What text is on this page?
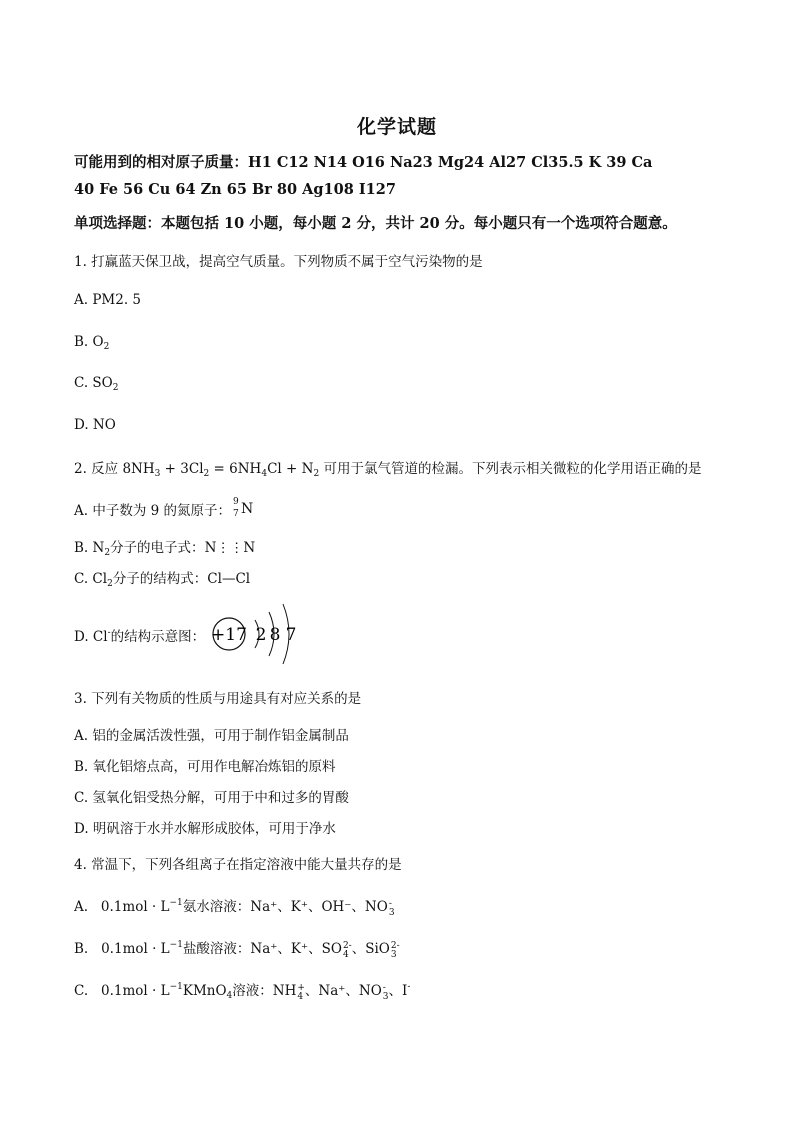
化学试题
可能用到的相对原子质量：H1 C12 N14 O16 Na23 Mg24 Al27 Cl35.5 K 39 Ca
40 Fe 56 Cu 64 Zn 65 Br 80 Ag108 I127
单项选择题：本题包括 10 小题，每小题 2 分，共计 20 分。每小题只有一个选项符合题意。
1. 打赢蓝天保卫战，提高空气质量。下列物质不属于空气污染物的是
A. PM2. 5
B. $O_2$
C. $SO_2$
D. NO
2. 反应 $8NH_3 + 3Cl_2 = 6NH_4Cl + N_2$ 可用于氯气管道的检漏。下列表示相关微粒的化学用语正确的是
A. 中子数为 9 的氮原子：
9
7 N
B. $N_2$分子的电子式：N⋮⋮N
C. $Cl_2$分子的结构式：Cl—Cl
D. Cl-的结构示意图： +17 2 8 7
3. 下列有关物质的性质与用途具有对应关系的是
A. 铝的金属活泼性强，可用于制作铝金属制品
B. 氧化铝熔点高，可用作电解冶炼铝的原料
C. 氢氧化铝受热分解，可用于中和过多的胃酸
D. 明矾溶于水并水解形成胶体，可用于净水
4. 常温下，下列各组离子在指定溶液中能大量共存的是
A. $0.1mol \cdot L^{-1}$氨水溶液：Na⁺、K⁺、OH⁻、NO -
3
B. $0.1mol \cdot L^{-1}$盐酸溶液：Na⁺、K⁺、SO 2-
4 、SiO 2-
3
C. $0.1mol \cdot L^{-1}KMnO_4$溶液：NH +
4 、Na⁺、NO -
3 、I-
